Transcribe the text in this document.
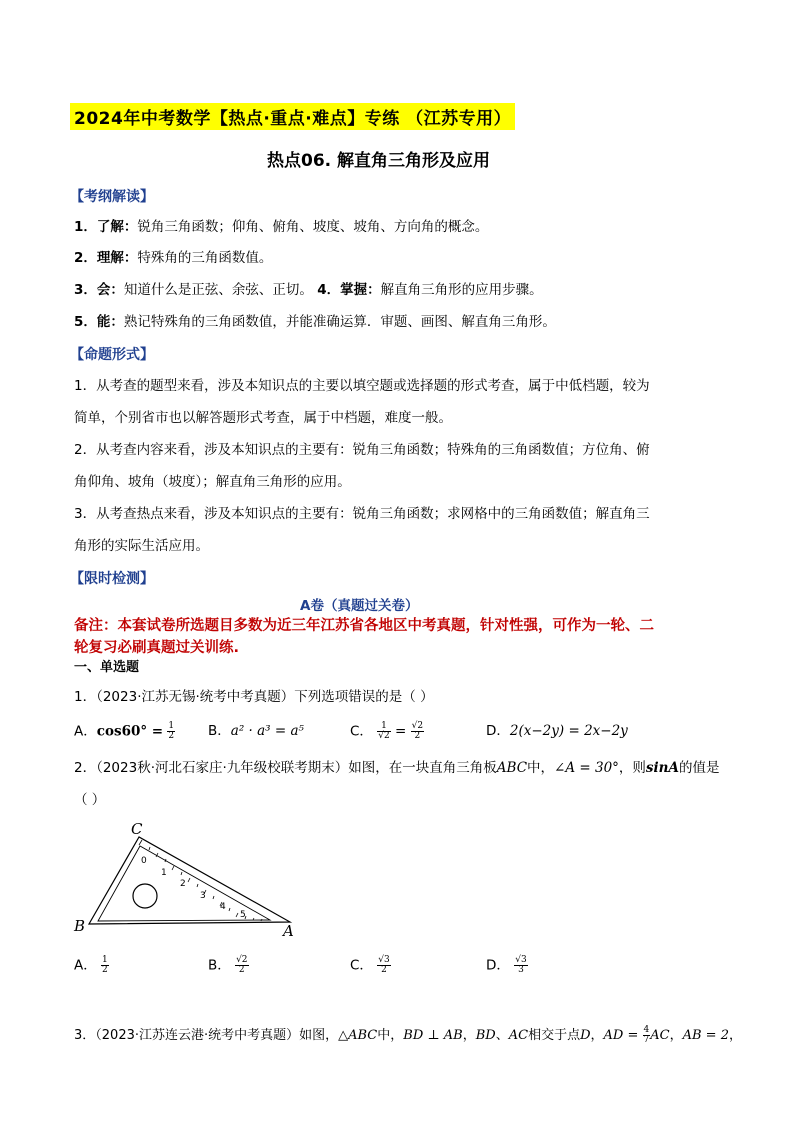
2024年中考数学【热点·重点·难点】专练 （江苏专用）
热点06. 解直角三角形及应用
【考纲解读】
1．了解：锐角三角函数；仰角、俯角、坡度、坡角、方向角的概念。
2．理解：特殊角的三角函数值。
3．会：知道什么是正弦、余弦、正切。 4．掌握：解直角三角形的应用步骤。
5．能：熟记特殊角的三角函数值，并能准确运算．审题、画图、解直角三角形。
【命题形式】
1．从考查的题型来看，涉及本知识点的主要以填空题或选择题的形式考查，属于中低档题，较为
简单，个别省市也以解答题形式考查，属于中档题，难度一般。
2．从考查内容来看，涉及本知识点的主要有：锐角三角函数；特殊角的三角函数值；方位角、俯
角仰角、坡角（坡度）；解直角三角形的应用。
3．从考查热点来看，涉及本知识点的主要有：锐角三角函数；求网格中的三角函数值；解直角三
角形的实际生活应用。
【限时检测】
A卷（真题过关卷）
备注：本套试卷所选题目多数为近三年江苏省各地区中考真题，针对性强，可作为一轮、二
轮复习必刷真题过关训练.
一、单选题
1．（2023·江苏无锡·统考中考真题）下列选项错误的是（ ）
A．$\cos 60^\circ = \frac{1}{2}$ B．a² · a³ = a⁵	C． $\frac{1}{√2} = \frac{√2}{2}$	D．2(x−2y) = 2x−2y
2．（2023秋·河北石家庄·九年级校联考期末）如图，在一块直角三角板ABC中，∠A = 30°，则sinA的值是
（ ）
0
1
2
3
4
5
C
B	A
A． $\frac{1}{2}$	B． $\frac{√2}{2}$	C． $\frac{√3}{2}$	D． $\frac{√3}{3}$
3．（2023·江苏连云港·统考中考真题）如图，△ABC中，BD ⊥ AB，BD、AC相交于点D，AD = $\frac{4}{7}$ AC，AB = 2，
